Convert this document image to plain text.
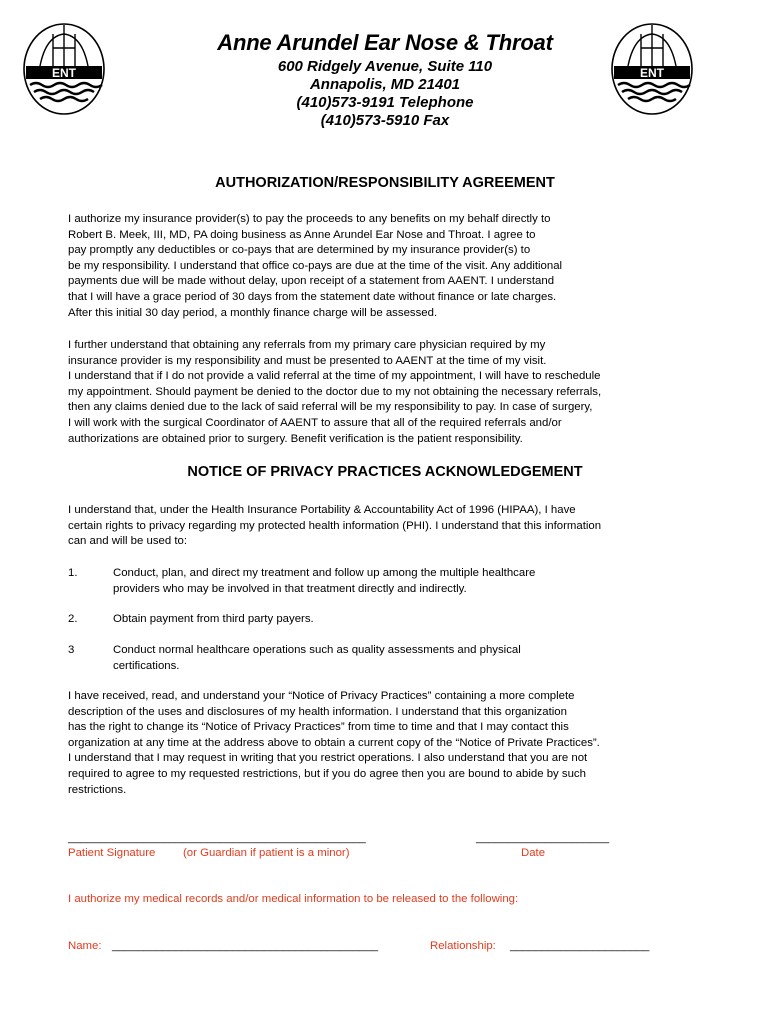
ENT	ENT
Anne Arundel Ear Nose & Throat
600 Ridgely Avenue, Suite 110
Annapolis, MD 21401
(410)573-9191 Telephone
(410)573-5910 Fax
AUTHORIZATION/RESPONSIBILITY AGREEMENT
I authorize my insurance provider(s) to pay the proceeds to any benefits on my behalf directly to
Robert B. Meek, III, MD, PA doing business as Anne Arundel Ear Nose and Throat. I agree to
pay promptly any deductibles or co-pays that are determined by my insurance provider(s) to
be my responsibility. I understand that office co-pays are due at the time of the visit. Any additional
payments due will be made without delay, upon receipt of a statement from AAENT. I understand
that I will have a grace period of 30 days from the statement date without finance or late charges.
After this initial 30 day period, a monthly finance charge will be assessed.
I further understand that obtaining any referrals from my primary care physician required by my
insurance provider is my responsibility and must be presented to AAENT at the time of my visit.
I understand that if I do not provide a valid referral at the time of my appointment, I will have to reschedule
my appointment. Should payment be denied to the doctor due to my not obtaining the necessary referrals,
then any claims denied due to the lack of said referral will be my responsibility to pay. In case of surgery,
I will work with the surgical Coordinator of AAENT to assure that all of the required referrals and/or
authorizations are obtained prior to surgery. Benefit verification is the patient responsibility.
NOTICE OF PRIVACY PRACTICES ACKNOWLEDGEMENT
I understand that, under the Health Insurance Portability & Accountability Act of 1996 (HIPAA), I have
certain rights to privacy regarding my protected health information (PHI). I understand that this information
can and will be used to:
1.	Conduct, plan, and direct my treatment and follow up among the multiple healthcare
providers who may be involved in that treatment directly and indirectly.
2.	Obtain payment from third party payers.
3	Conduct normal healthcare operations such as quality assessments and physical
certifications.
I have received, read, and understand your “Notice of Privacy Practices” containing a more complete
description of the uses and disclosures of my health information. I understand that this organization
has the right to change its “Notice of Privacy Practices” from time to time and that I may contact this
organization at any time at the address above to obtain a current copy of the “Notice of Private Practices”.
I understand that I may request in writing that you restrict operations. I also understand that you are not
required to agree to my requested restrictions, but if you do agree then you are bound to abide by such
restrictions.
_______________________________________________	_____________________
Patient Signature (or Guardian if patient is a minor)	Date
I authorize my medical records and/or medical information to be released to the following:
Name: __________________________________________	Relationship: ______________________
